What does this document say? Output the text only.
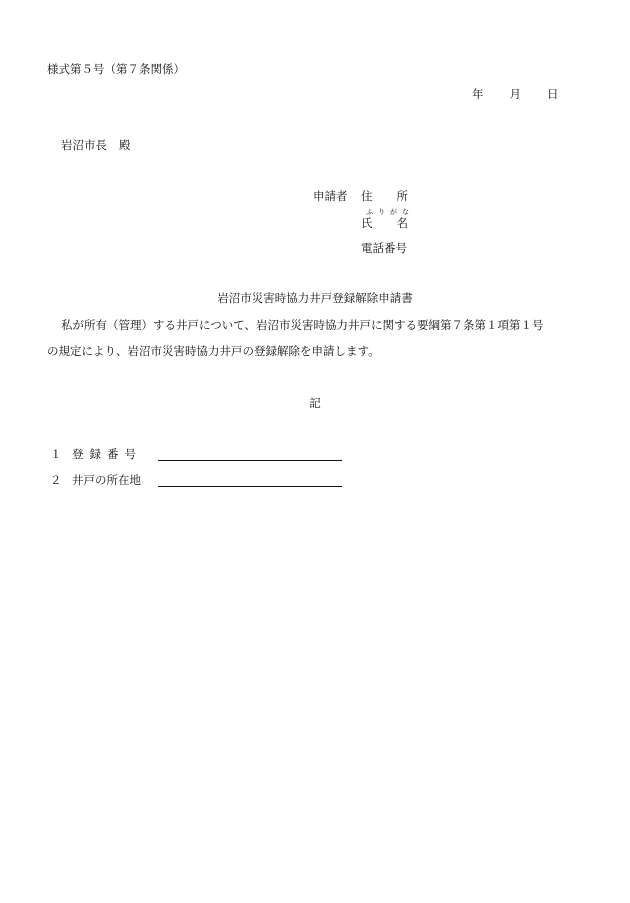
様式第５号（第７条関係）
年 月 日
岩沼市長 殿
申請者 住所
ふりがな
氏名
電話番号
岩沼市災害時協力井戸登録解除申請書
私が所有（管理）する井戸について、岩沼市災害時協力井戸に関する要綱第７条第１項第１号
の規定により、岩沼市災害時協力井戸の登録解除を申請します。
記
１ 登録番号
２ 井戸の所在地
